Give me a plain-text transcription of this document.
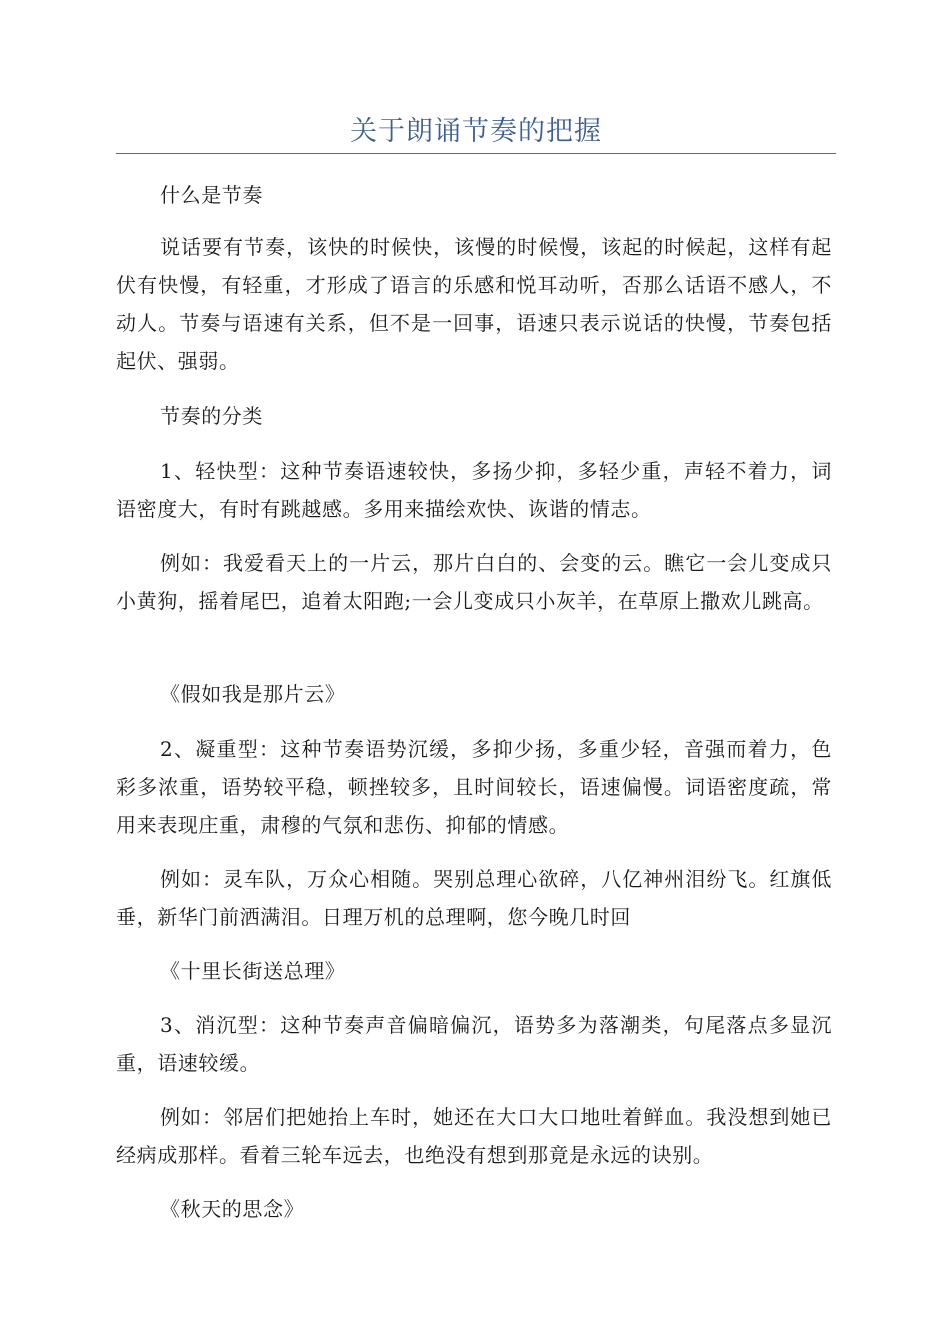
关于朗诵节奏的把握

什么是节奏

说话要有节奏，该快的时候快，该慢的时候慢，该起的时候起，这样有起伏有快慢，有轻重，才形成了语言的乐感和悦耳动听，否那么话语不感人，不动人。节奏与语速有关系，但不是一回事，语速只表示说话的快慢，节奏包括起伏、强弱。

节奏的分类

1、轻快型：这种节奏语速较快，多扬少抑，多轻少重，声轻不着力，词语密度大，有时有跳越感。多用来描绘欢快、诙谐的情志。

例如：我爱看天上的一片云，那片白白的、会变的云。瞧它一会儿变成只小黄狗，摇着尾巴，追着太阳跑;一会儿变成只小灰羊，在草原上撒欢儿跳高。

《假如我是那片云》

2、凝重型：这种节奏语势沉缓，多抑少扬，多重少轻，音强而着力，色彩多浓重，语势较平稳，顿挫较多，且时间较长，语速偏慢。词语密度疏，常用来表现庄重，肃穆的气氛和悲伤、抑郁的情感。

例如：灵车队，万众心相随。哭别总理心欲碎，八亿神州泪纷飞。红旗低垂，新华门前洒满泪。日理万机的总理啊，您今晚几时回

《十里长街送总理》

3、消沉型：这种节奏声音偏暗偏沉，语势多为落潮类，句尾落点多显沉重，语速较缓。

例如：邻居们把她抬上车时，她还在大口大口地吐着鲜血。我没想到她已经病成那样。看着三轮车远去，也绝没有想到那竟是永远的诀别。

《秋天的思念》
